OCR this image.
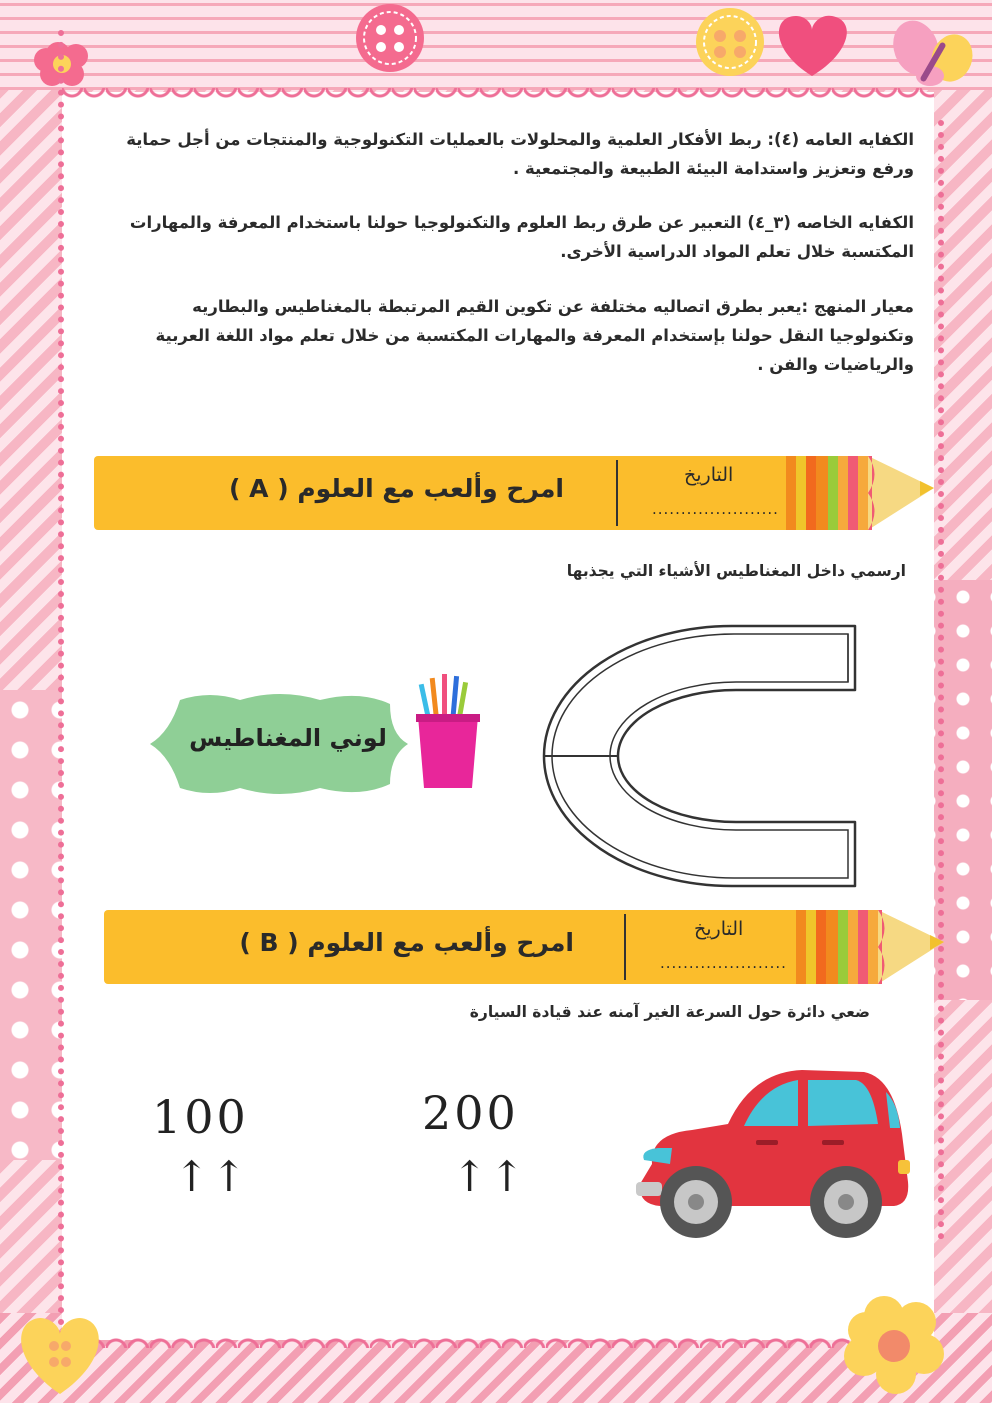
الكفايه العامه (٤): ربط الأفكار العلمية والمحلولات بالعمليات التكنولوجية والمنتجات من أجل حماية ورفع وتعزيز واستدامة البيئة الطبيعة والمجتمعية .
الكفايه الخاصه (٣_٤) التعبير عن طرق ربط العلوم والتكنولوجيا حولنا باستخدام المعرفة والمهارات المكتسبة خلال تعلم المواد الدراسية الأخرى.
معيار المنهج :يعبر بطرق اتصاليه مختلفة عن تكوين القيم المرتبطة بالمغناطيس والبطاريه وتكنولوجيا النقل حولنا بإستخدام المعرفة والمهارات المكتسبة من خلال تعلم مواد اللغة العربية والرياضيات والفن .
امرح وألعب مع العلوم ( A )	التاريخ
......................
ارسمي داخل المغناطيس الأشياء التي يجذبها
لوني المغناطيس
امرح وألعب مع العلوم ( B )	التاريخ
......................
ضعي دائرة حول السرعة الغير آمنه عند قيادة السيارة
100
↑↑
200
↑↑
